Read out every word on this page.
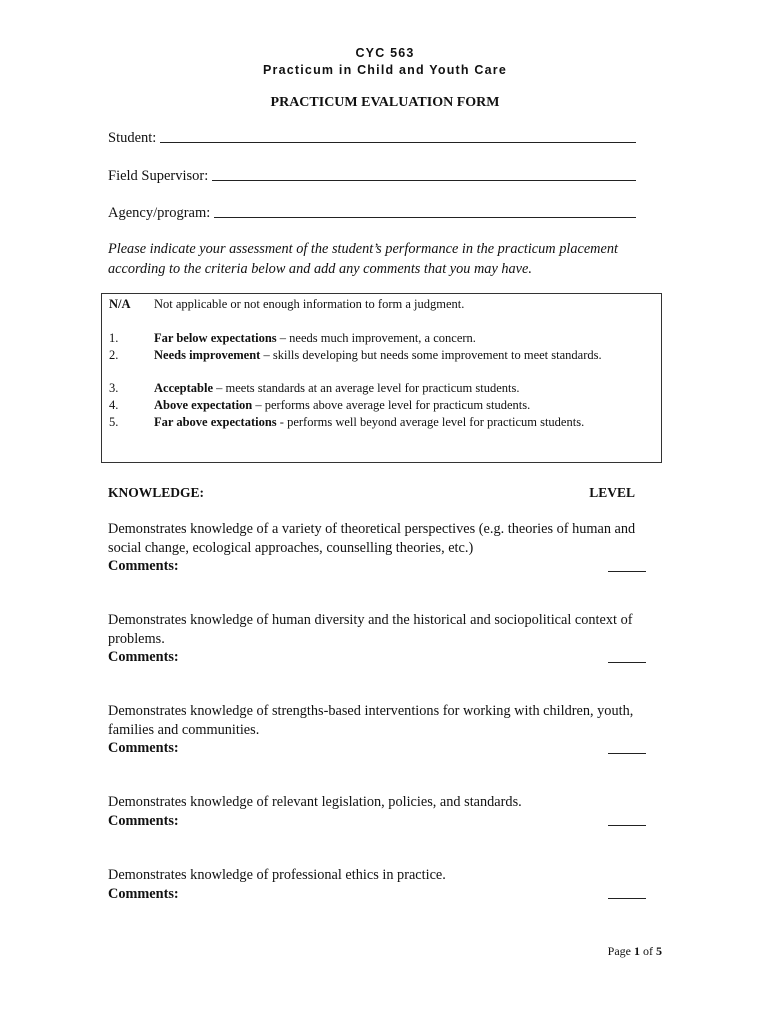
CYC 563
Practicum in Child and Youth Care
PRACTICUM EVALUATION FORM
Student:
Field Supervisor:
Agency/program:
Please indicate your assessment of the student’s performance in the practicum placement according to the criteria below and add any comments that you may have.
N/A	Not applicable or not enough information to form a judgment.
1.	Far below expectations – needs much improvement, a concern.
2.	Needs improvement – skills developing but needs some improvement to meet standards.
3.	Acceptable – meets standards at an average level for practicum students.
4.	Above expectation – performs above average level for practicum students.
5.	Far above expectations - performs well beyond average level for practicum students.
KNOWLEDGE:	LEVEL
Demonstrates knowledge of a variety of theoretical perspectives (e.g. theories of human and social change, ecological approaches, counselling theories, etc.)
Comments:
Demonstrates knowledge of human diversity and the historical and sociopolitical context of problems.
Comments:
Demonstrates knowledge of strengths-based interventions for working with children, youth, families and communities.
Comments:
Demonstrates knowledge of relevant legislation, policies, and standards.
Comments:
Demonstrates knowledge of professional ethics in practice.
Comments:
Page 1 of 5
